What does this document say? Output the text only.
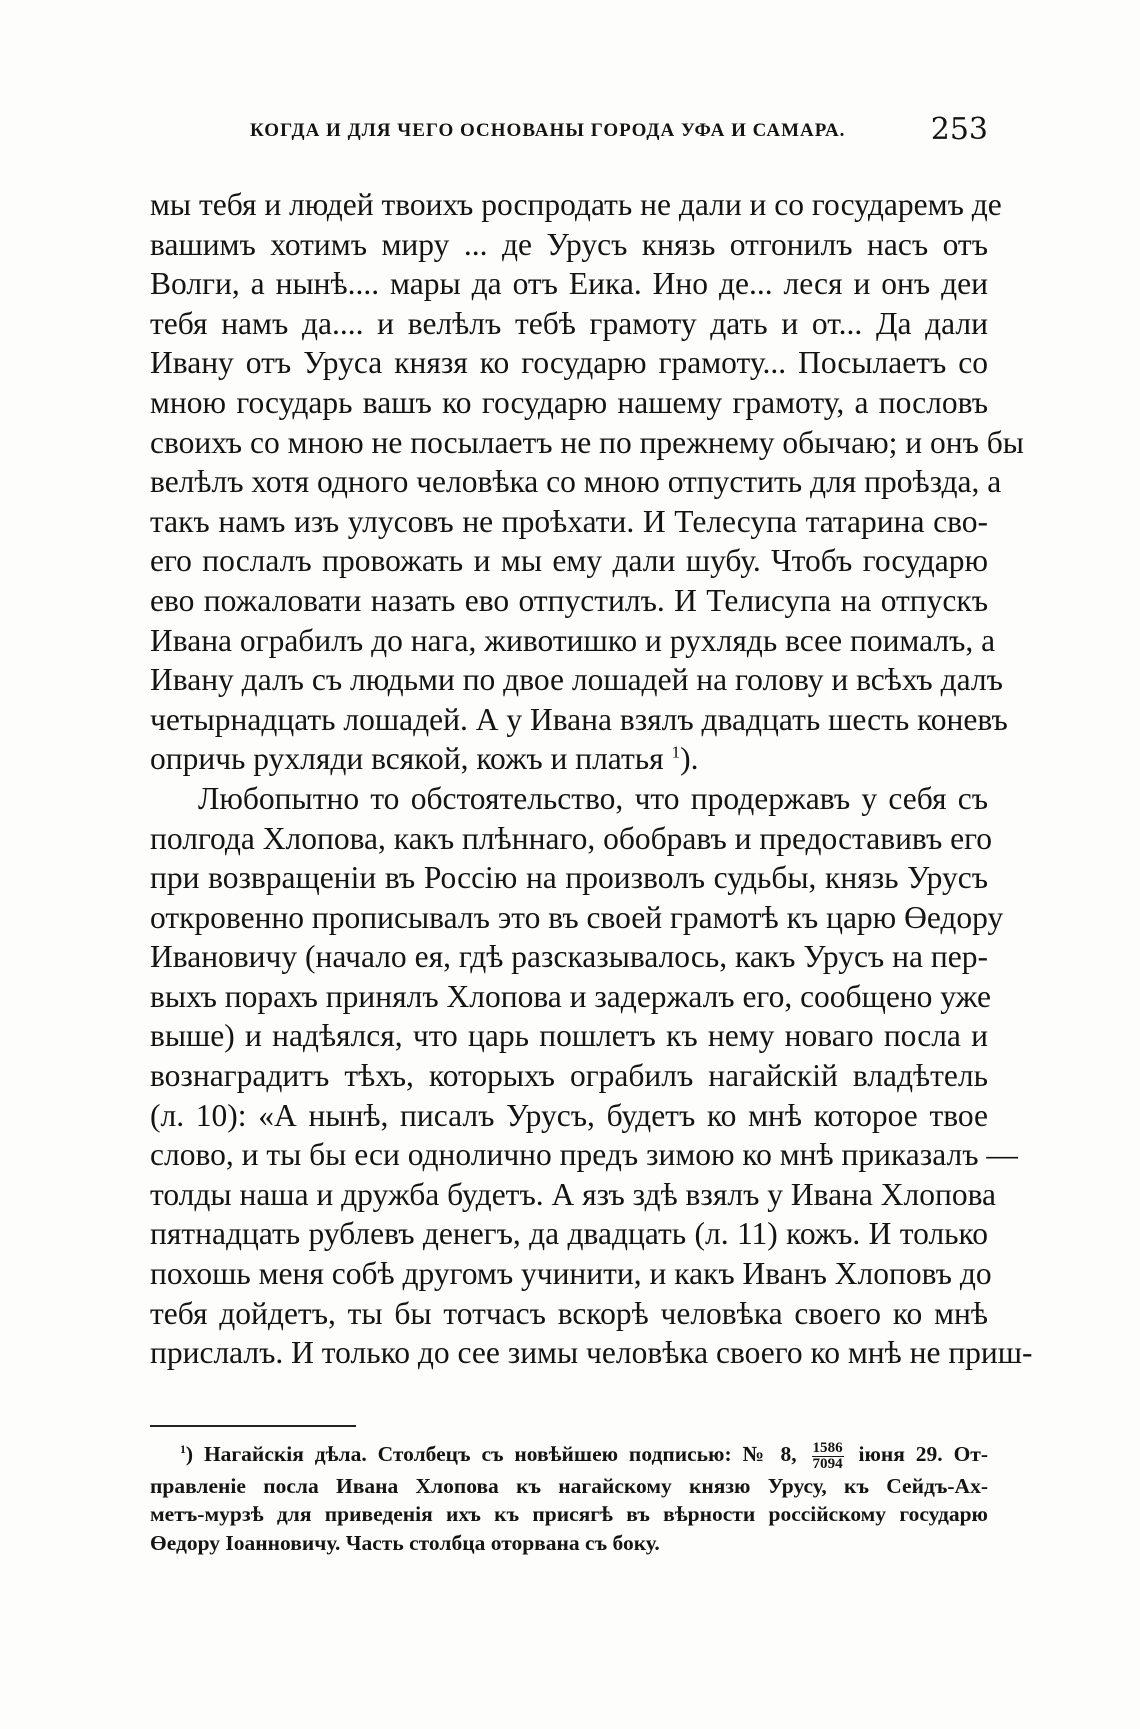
КОГДА И ДЛЯ ЧЕГО ОСНОВАНЫ ГОРОДА УФА И САМАРА.	253
мы тебя и людей твоихъ роспродать не дали и со государемъ де
вашимъ хотимъ миру ... де Урусъ князь отгонилъ насъ отъ
Волги, а нынѣ.... мары да отъ Еика. Ино де... леся и онъ деи
тебя намъ да.... и велѣлъ тебѣ грамоту дать и от... Да дали
Ивану отъ Уруса князя ко государю грамоту... Посылаетъ со
мною государь вашъ ко государю нашему грамоту, а пословъ
своихъ со мною не посылаетъ не по прежнему обычаю; и онъ бы
велѣлъ хотя одного человѣка со мною отпустить для проѣзда, а
такъ намъ изъ улусовъ не проѣхати. И Телесупа татарина сво-
его послалъ провожать и мы ему дали шубу. Чтобъ государю
ево пожаловати назать ево отпустилъ. И Телисупа на отпускъ
Ивана ограбилъ до нага, животишко и рухлядь всее поималъ, а
Ивану далъ съ людьми по двое лошадей на голову и всѣхъ далъ
четырнадцать лошадей. А у Ивана взялъ двадцать шесть коневъ
опричь рухляди всякой, кожъ и платья $^1$).
Любопытно то обстоятельство, что продержавъ у себя съ
полгода Хлопова, какъ плѣннаго, обобравъ и предоставивъ его
при возвращеніи въ Россію на произволъ судьбы, князь Урусъ
откровенно прописывалъ это въ своей грамотѣ къ царю Өедору
Ивановичу (начало ея, гдѣ разсказывалось, какъ Урусъ на пер-
выхъ порахъ принялъ Хлопова и задержалъ его, сообщено уже
выше) и надѣялся, что царь пошлетъ къ нему новаго посла и
вознаградитъ тѣхъ, которыхъ ограбилъ нагайскій владѣтель
(л. 10): «А нынѣ, писалъ Урусъ, будетъ ко мнѣ которое твое
слово, и ты бы еси однолично предъ зимою ко мнѣ приказалъ —
толды наша и дружба будетъ. А язъ здѣ взялъ у Ивана Хлопова
пятнадцать рублевъ денегъ, да двадцать (л. 11) кожъ. И только
похошь меня собѣ другомъ учинити, и какъ Иванъ Хлоповъ до
тебя дойдетъ, ты бы тотчасъ вскорѣ человѣка своего ко мнѣ
прислалъ. И только до сее зимы человѣка своего ко мнѣ не приш-
$^1$) Нагайскія дѣла. Столбецъ съ новѣйшею подписью: № 8, $\frac{1586}{7094}$ іюня 29. От-
правленіе посла Ивана Хлопова къ нагайскому князю Урусу, къ Сейдъ-Ах-
метъ-мурзѣ для приведенія ихъ къ присягѣ въ вѣрности россійскому государю
Өедору Іоанновичу. Часть столбца оторвана съ боку.
